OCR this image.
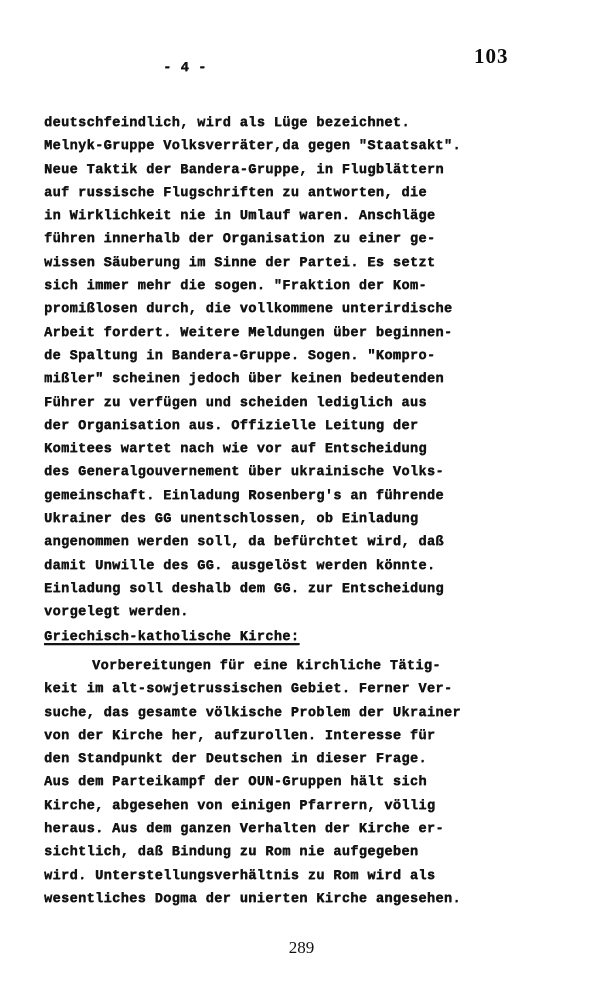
- 4 -	103
deutschfeindlich, wird als Lüge bezeichnet.
Melnyk-Gruppe Volksverräter,da gegen "Staatsakt".
Neue Taktik der Bandera-Gruppe, in Flugblättern
auf russische Flugschriften zu antworten, die
in Wirklichkeit nie in Umlauf waren. Anschläge
führen innerhalb der Organisation zu einer ge-
wissen Säuberung im Sinne der Partei. Es setzt
sich immer mehr die sogen. "Fraktion der Kom-
promißlosen durch, die vollkommene unterirdische
Arbeit fordert. Weitere Meldungen über beginnen-
de Spaltung in Bandera-Gruppe. Sogen. "Kompro-
mißler" scheinen jedoch über keinen bedeutenden
Führer zu verfügen und scheiden lediglich aus
der Organisation aus. Offizielle Leitung der
Komitees wartet nach wie vor auf Entscheidung
des Generalgouvernement über ukrainische Volks-
gemeinschaft. Einladung Rosenberg's an führende
Ukrainer des GG unentschlossen, ob Einladung
angenommen werden soll, da befürchtet wird, daß
damit Unwille des GG. ausgelöst werden könnte.
Einladung soll deshalb dem GG. zur Entscheidung
vorgelegt werden.
Griechisch-katholische Kirche:
Vorbereitungen für eine kirchliche Tätig-
keit im alt-sowjetrussischen Gebiet. Ferner Ver-
suche, das gesamte völkische Problem der Ukrainer
von der Kirche her, aufzurollen. Interesse für
den Standpunkt der Deutschen in dieser Frage.
Aus dem Parteikampf der OUN-Gruppen hält sich
Kirche, abgesehen von einigen Pfarrern, völlig
heraus. Aus dem ganzen Verhalten der Kirche er-
sichtlich, daß Bindung zu Rom nie aufgegeben
wird. Unterstellungsverhältnis zu Rom wird als
wesentliches Dogma der unierten Kirche angesehen.
289
